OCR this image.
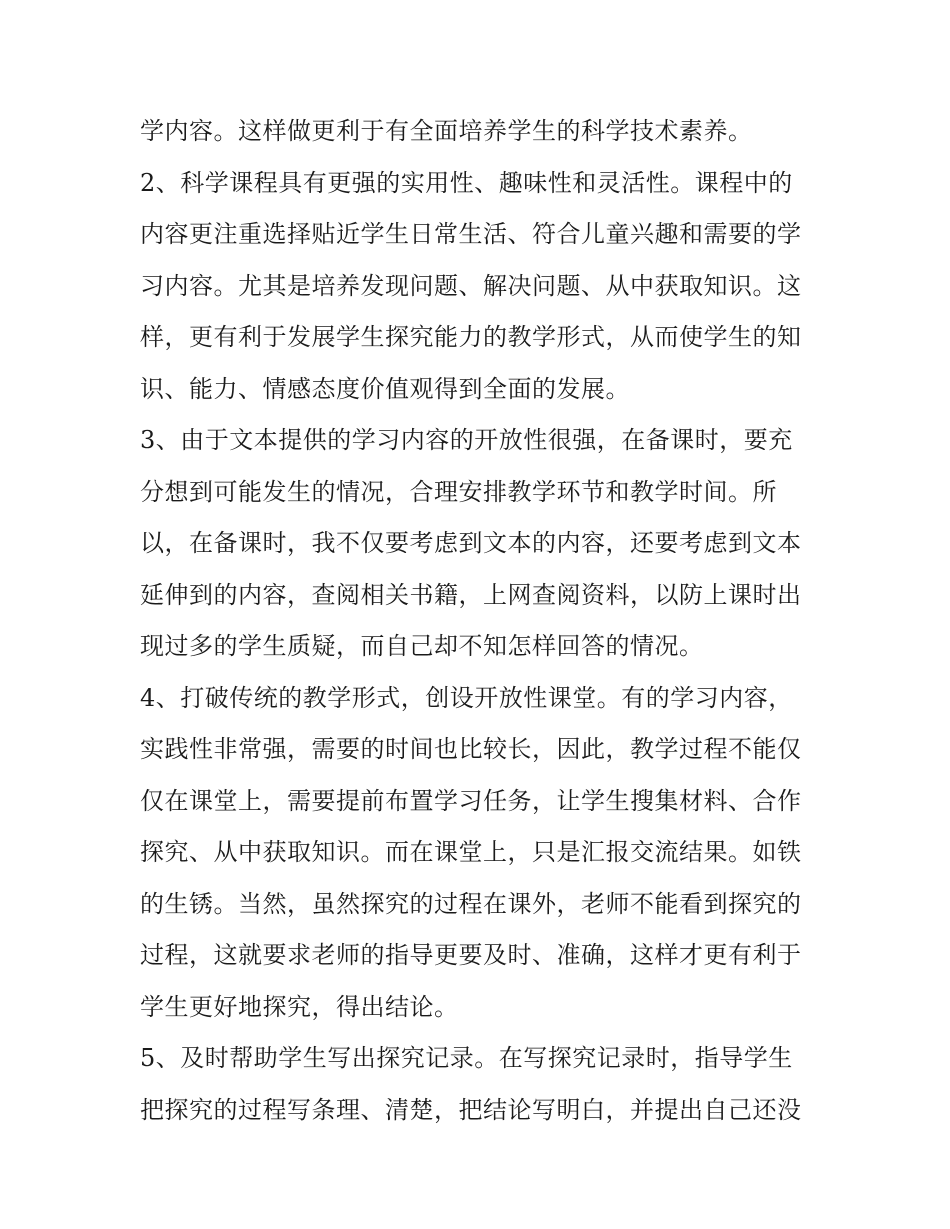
学内容。这样做更利于有全面培养学生的科学技术素养。
2、科学课程具有更强的实用性、趣味性和灵活性。课程中的
内容更注重选择贴近学生日常生活、符合儿童兴趣和需要的学
习内容。尤其是培养发现问题、解决问题、从中获取知识。这
样，更有利于发展学生探究能力的教学形式，从而使学生的知
识、能力、情感态度价值观得到全面的发展。
3、由于文本提供的学习内容的开放性很强，在备课时，要充
分想到可能发生的情况，合理安排教学环节和教学时间。所
以，在备课时，我不仅要考虑到文本的内容，还要考虑到文本
延伸到的内容，查阅相关书籍，上网查阅资料，以防上课时出
现过多的学生质疑，而自己却不知怎样回答的情况。
4、打破传统的教学形式，创设开放性课堂。有的学习内容，
实践性非常强，需要的时间也比较长，因此，教学过程不能仅
仅在课堂上，需要提前布置学习任务，让学生搜集材料、合作
探究、从中获取知识。而在课堂上，只是汇报交流结果。如铁
的生锈。当然，虽然探究的过程在课外，老师不能看到探究的
过程，这就要求老师的指导更要及时、准确，这样才更有利于
学生更好地探究，得出结论。
5、及时帮助学生写出探究记录。在写探究记录时，指导学生
把探究的过程写条理、清楚，把结论写明白，并提出自己还没
